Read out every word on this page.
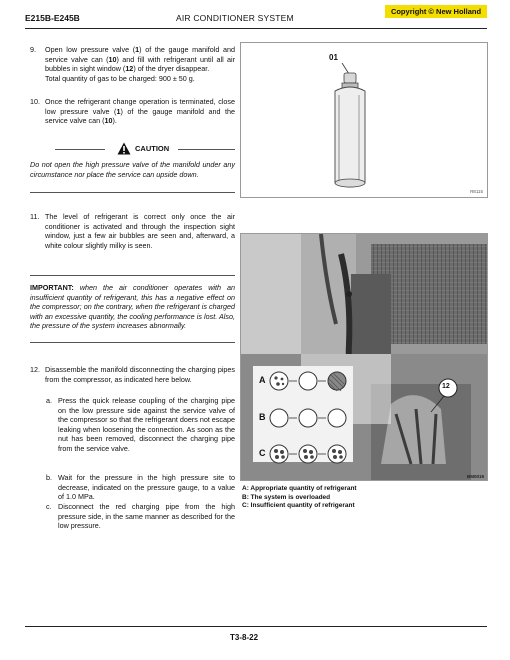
E215B-E245B	AIR CONDITIONER SYSTEM
Copyright © New Holland
9. Open low pressure valve (1) of the gauge manifold and service valve can (10) and fill with refrigerant until all air bubbles in sight window (12) of the dryer disappear.
Total quantity of gas to be charged: 900 ± 50 g.
10. Once the refrigerant change operation is terminated, close low pressure valve (1) of the gauge manifold and the service valve can (10).
CAUTION
Do not open the high pressure valve of the manifold under any circumstance nor place the service can upside down.
01
R8115
11. The level of refrigerant is correct only once the air conditioner is activated and through the inspection sight window, just a few air bubbles are seen and, afterward, a white colour slightly milky is seen.
IMPORTANT: when the air conditioner operates with an insufficient quantity of refrigerant, this has a negative effect on the compressor; on the contrary, when the refrigerant is charged with an excessive quantity, the cooling performance is lost. Also, the pressure of the system increases abnormally.
12. Disassemble the manifold disconnecting the charging pipes from the compressor, as indicated here below.
a. Press the quick release coupling of the charging pipe on the low pressure side against the service valve of the compressor so that the refrigerant doers not escape leaking when loosening the connection. As soon as the nut has been removed, disconnect the charging pipe from the service valve.
b. Wait for the pressure in the high pressure site to decrease, indicated on the pressure gauge, to a value of 1.0 MPa.
c. Disconnect the red charging pipe from the high pressure side, in the same manner as described for the low pressure.
A
B
C
12
BM0019
A: Appropriate quantity of refrigerant
B: The system is overloaded
C: Insufficient quantity of refrigerant
T3-8-22
